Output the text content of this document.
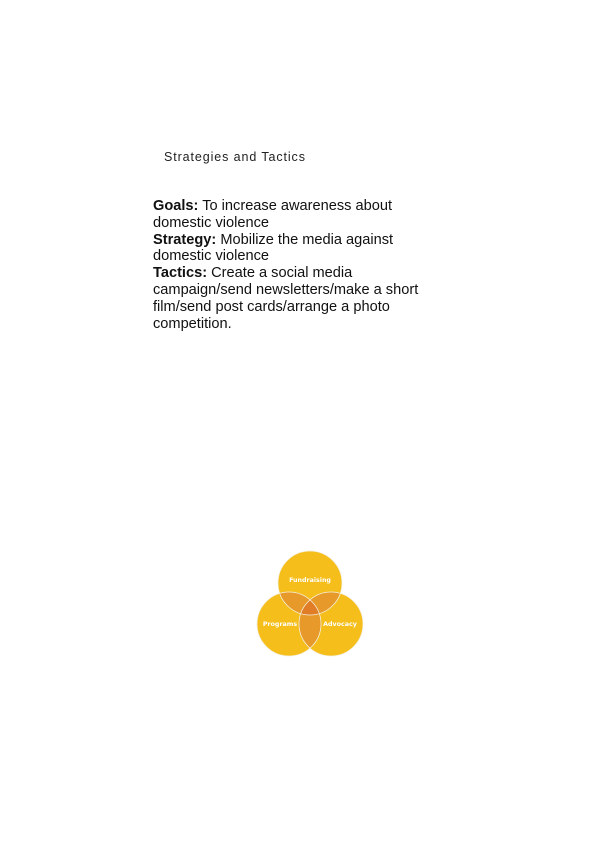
Strategies and Tactics

Goals: To increase awareness about domestic violence

Strategy: Mobilize the media against domestic violence

Tactics: Create a social media campaign/send newsletters/make a short film/send post cards/arrange a photo competition.

Fundraising
Programs	Advocacy
